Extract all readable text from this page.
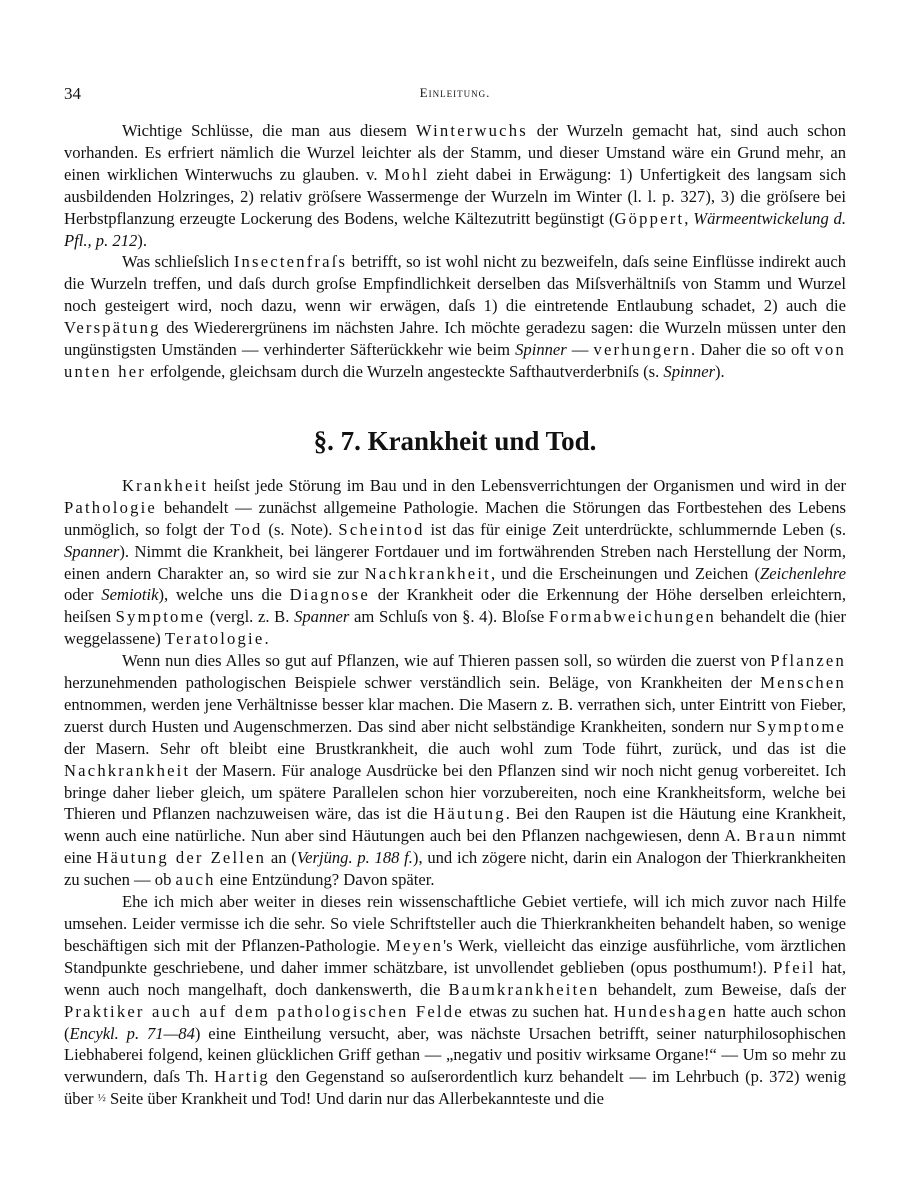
34	Einleitung.

Wichtige Schlüsse, die man aus diesem Winterwuchs der Wurzeln gemacht hat, sind auch schon vorhanden. Es erfriert nämlich die Wurzel leichter als der Stamm, und dieser Umstand wäre ein Grund mehr, an einen wirklichen Winterwuchs zu glauben. v. Mohl zieht dabei in Erwägung: 1) Unfertigkeit des langsam sich ausbildenden Holzringes, 2) relativ gröſsere Wassermenge der Wurzeln im Winter (l. l. p. 327), 3) die gröſsere bei Herbstpflanzung erzeugte Lockerung des Bodens, welche Kältezutritt begünstigt (Göppert, Wärmeentwickelung d. Pfl., p. 212).

Was schlieſslich Insectenfraſs betrifft, so ist wohl nicht zu bezweifeln, daſs seine Einflüsse indirekt auch die Wurzeln treffen, und daſs durch groſse Empfindlichkeit derselben das Miſsverhältniſs von Stamm und Wurzel noch gesteigert wird, noch dazu, wenn wir erwägen, daſs 1) die eintretende Entlaubung schadet, 2) auch die Verspätung des Wiederergrünens im nächsten Jahre. Ich möchte geradezu sagen: die Wurzeln müssen unter den ungünstigsten Umständen — verhinderter Säfterückkehr wie beim Spinner — verhungern. Daher die so oft von unten her erfolgende, gleichsam durch die Wurzeln angesteckte Safthautverderbniſs (s. Spinner).

§. 7. Krankheit und Tod.

Krankheit heiſst jede Störung im Bau und in den Lebensverrichtungen der Organismen und wird in der Pathologie behandelt — zunächst allgemeine Pathologie. Machen die Störungen das Fortbestehen des Lebens unmöglich, so folgt der Tod (s. Note). Scheintod ist das für einige Zeit unterdrückte, schlummernde Leben (s. Spanner). Nimmt die Krankheit, bei längerer Fortdauer und im fortwährenden Streben nach Herstellung der Norm, einen andern Charakter an, so wird sie zur Nachkrankheit, und die Erscheinungen und Zeichen (Zeichenlehre oder Semiotik), welche uns die Diagnose der Krankheit oder die Erkennung der Höhe derselben erleichtern, heiſsen Symptome (vergl. z. B. Spanner am Schluſs von §. 4). Bloſse Formabweichungen behandelt die (hier weggelassene) Teratologie.

Wenn nun dies Alles so gut auf Pflanzen, wie auf Thieren passen soll, so würden die zuerst von Pflanzen herzunehmenden pathologischen Beispiele schwer verständlich sein. Beläge, von Krankheiten der Menschen entnommen, werden jene Verhältnisse besser klar machen. Die Masern z. B. verrathen sich, unter Eintritt von Fieber, zuerst durch Husten und Augenschmerzen. Das sind aber nicht selbständige Krankheiten, sondern nur Symptome der Masern. Sehr oft bleibt eine Brustkrankheit, die auch wohl zum Tode führt, zurück, und das ist die Nachkrankheit der Masern. Für analoge Ausdrücke bei den Pflanzen sind wir noch nicht genug vorbereitet. Ich bringe daher lieber gleich, um spätere Parallelen schon hier vorzubereiten, noch eine Krankheitsform, welche bei Thieren und Pflanzen nachzuweisen wäre, das ist die Häutung. Bei den Raupen ist die Häutung eine Krankheit, wenn auch eine natürliche. Nun aber sind Häutungen auch bei den Pflanzen nachgewiesen, denn A. Braun nimmt eine Häutung der Zellen an (Verjüng. p. 188 f.), und ich zögere nicht, darin ein Analogon der Thierkrankheiten zu suchen — ob auch eine Entzündung? Davon später.

Ehe ich mich aber weiter in dieses rein wissenschaftliche Gebiet vertiefe, will ich mich zuvor nach Hilfe umsehen. Leider vermisse ich die sehr. So viele Schriftsteller auch die Thierkrankheiten behandelt haben, so wenige beschäftigen sich mit der Pflanzen-Pathologie. Meyen's Werk, vielleicht das einzige ausführliche, vom ärztlichen Standpunkte geschriebene, und daher immer schätzbare, ist unvollendet geblieben (opus posthumum!). Pfeil hat, wenn auch noch mangelhaft, doch dankenswerth, die Baumkrankheiten behandelt, zum Beweise, daſs der Praktiker auch auf dem pathologischen Felde etwas zu suchen hat. Hundeshagen hatte auch schon (Encykl. p. 71—84) eine Eintheilung versucht, aber, was nächste Ursachen betrifft, seiner naturphilosophischen Liebhaberei folgend, keinen glücklichen Griff gethan — „negativ und positiv wirksame Organe!“ — Um so mehr zu verwundern, daſs Th. Hartig den Gegenstand so auſserordentlich kurz behandelt — im Lehrbuch (p. 372) wenig über ½ Seite über Krankheit und Tod! Und darin nur das Allerbekannteste und die
